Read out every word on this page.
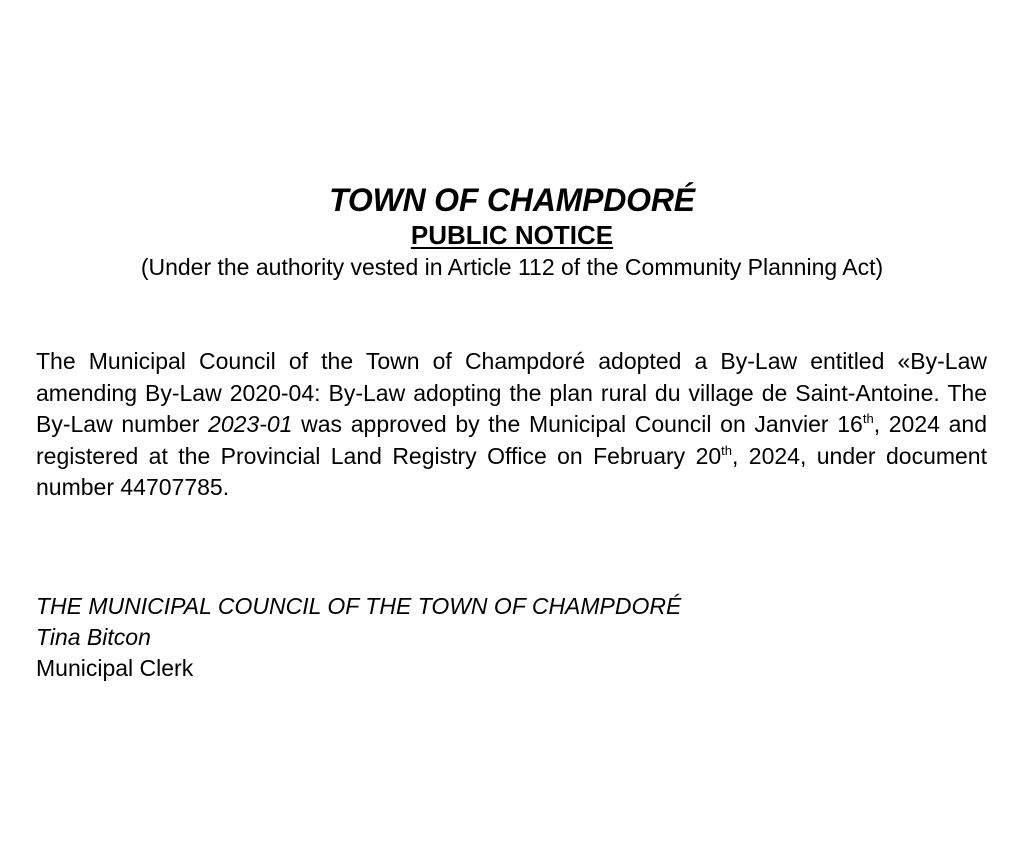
TOWN OF CHAMPDORÉ
PUBLIC NOTICE
(Under the authority vested in Article 112 of the Community Planning Act)
The Municipal Council of the Town of Champdoré adopted a By-Law entitled «By-Law amending By-Law 2020-04: By-Law adopting the plan rural du village de Saint-Antoine. The By-Law number 2023-01 was approved by the Municipal Council on Janvier 16th, 2024 and registered at the Provincial Land Registry Office on February 20th, 2024, under document number 44707785.
THE MUNICIPAL COUNCIL OF THE TOWN OF CHAMPDORÉ
Tina Bitcon
Municipal Clerk
